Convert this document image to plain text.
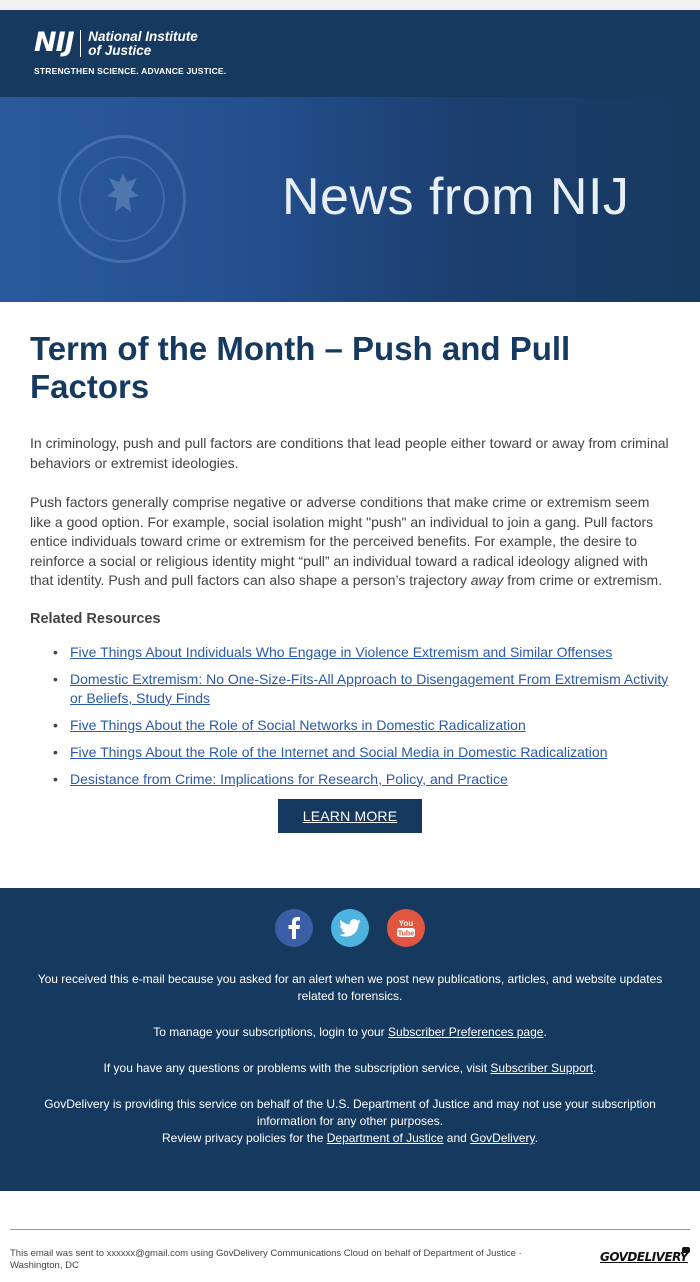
NIJ National Institute
of Justice
STRENGTHEN SCIENCE. ADVANCE JUSTICE.
News from NIJ
Term of the Month – Push and Pull Factors

In criminology, push and pull factors are conditions that lead people either toward or away from criminal behaviors or extremist ideologies.

Push factors generally comprise negative or adverse conditions that make crime or extremism seem like a good option. For example, social isolation might "push" an individual to join a gang. Pull factors entice individuals toward crime or extremism for the perceived benefits. For example, the desire to reinforce a social or religious identity might “pull” an individual toward a radical ideology aligned with that identity. Push and pull factors can also shape a person’s trajectory away from crime or extremism.

Related Resources
• Five Things About Individuals Who Engage in Violence Extremism and Similar Offenses
• Domestic Extremism: No One-Size-Fits-All Approach to Disengagement From Extremism Activity or Beliefs, Study Finds
• Five Things About the Role of Social Networks in Domestic Radicalization
• Five Things About the Role of the Internet and Social Media in Domestic Radicalization
• Desistance from Crime: Implications for Research, Policy, and Practice
LEARN MORE
You
Tube

You received this e-mail because you asked for an alert when we post new publications, articles, and website updates related to forensics.

To manage your subscriptions, login to your Subscriber Preferences page.

If you have any questions or problems with the subscription service, visit Subscriber Support.

GovDelivery is providing this service on behalf of the U.S. Department of Justice and may not use your subscription information for any other purposes.
Review privacy policies for the Department of Justice and GovDelivery.

This email was sent to xxxxxx@gmail.com using GovDelivery Communications Cloud on behalf of Department of Justice · Washington, DC
GOVDELIVERY
